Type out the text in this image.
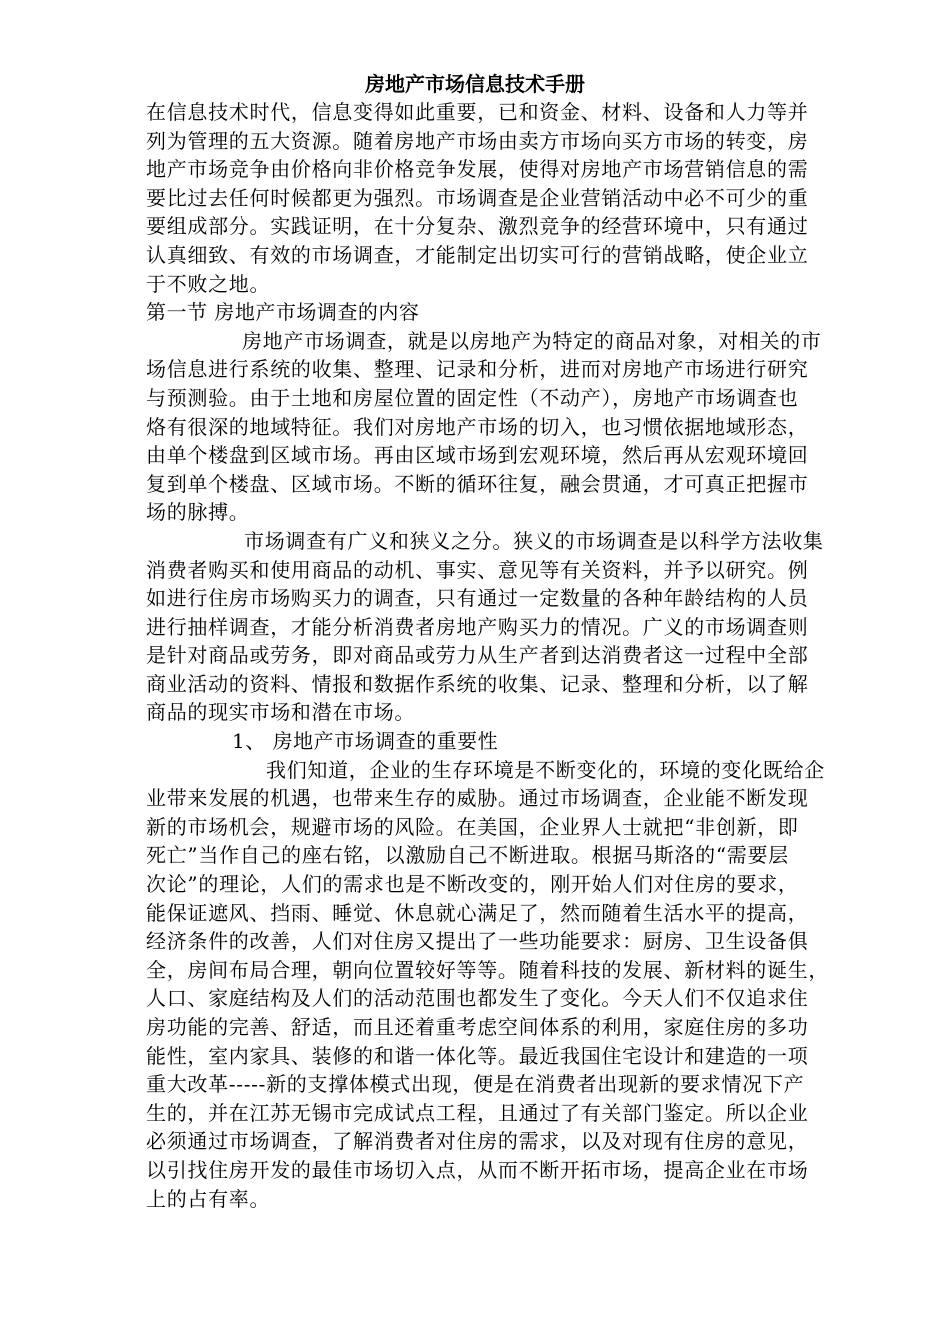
房地产市场信息技术手册
在信息技术时代，信息变得如此重要，已和资金、材料、设备和人力等并
列为管理的五大资源。随着房地产市场由卖方市场向买方市场的转变，房
地产市场竞争由价格向非价格竞争发展，使得对房地产市场营销信息的需
要比过去任何时候都更为强烈。市场调查是企业营销活动中必不可少的重
要组成部分。实践证明，在十分复杂、激烈竞争的经营环境中，只有通过
认真细致、有效的市场调查，才能制定出切实可行的营销战略，使企业立
于不败之地。
第一节 房地产市场调查的内容
房地产市场调查，就是以房地产为特定的商品对象，对相关的市
场信息进行系统的收集、整理、记录和分析，进而对房地产市场进行研究
与预测验。由于土地和房屋位置的固定性（不动产），房地产市场调查也
烙有很深的地域特征。我们对房地产市场的切入，也习惯依据地域形态，
由单个楼盘到区域市场。再由区域市场到宏观环境，然后再从宏观环境回
复到单个楼盘、区域市场。不断的循环往复，融会贯通，才可真正把握市
场的脉搏。
市场调查有广义和狭义之分。狭义的市场调查是以科学方法收集
消费者购买和使用商品的动机、事实、意见等有关资料，并予以研究。例
如进行住房市场购买力的调查，只有通过一定数量的各种年龄结构的人员
进行抽样调查，才能分析消费者房地产购买力的情况。广义的市场调查则
是针对商品或劳务，即对商品或劳力从生产者到达消费者这一过程中全部
商业活动的资料、情报和数据作系统的收集、记录、整理和分析，以了解
商品的现实市场和潜在市场。
1、 房地产市场调查的重要性
我们知道，企业的生存环境是不断变化的，环境的变化既给企
业带来发展的机遇，也带来生存的威胁。通过市场调查，企业能不断发现
新的市场机会，规避市场的风险。在美国，企业界人士就把“非创新，即
死亡”当作自己的座右铭，以激励自己不断进取。根据马斯洛的“需要层
次论”的理论，人们的需求也是不断改变的，刚开始人们对住房的要求，
能保证遮风、挡雨、睡觉、休息就心满足了，然而随着生活水平的提高，
经济条件的改善，人们对住房又提出了一些功能要求：厨房、卫生设备俱
全，房间布局合理，朝向位置较好等等。随着科技的发展、新材料的诞生，
人口、家庭结构及人们的活动范围也都发生了变化。今天人们不仅追求住
房功能的完善、舒适，而且还着重考虑空间体系的利用，家庭住房的多功
能性，室内家具、装修的和谐一体化等。最近我国住宅设计和建造的一项
重大改革-----新的支撑体模式出现，便是在消费者出现新的要求情况下产
生的，并在江苏无锡市完成试点工程，且通过了有关部门鉴定。所以企业
必须通过市场调查，了解消费者对住房的需求，以及对现有住房的意见，
以引找住房开发的最佳市场切入点，从而不断开拓市场，提高企业在市场
上的占有率。
